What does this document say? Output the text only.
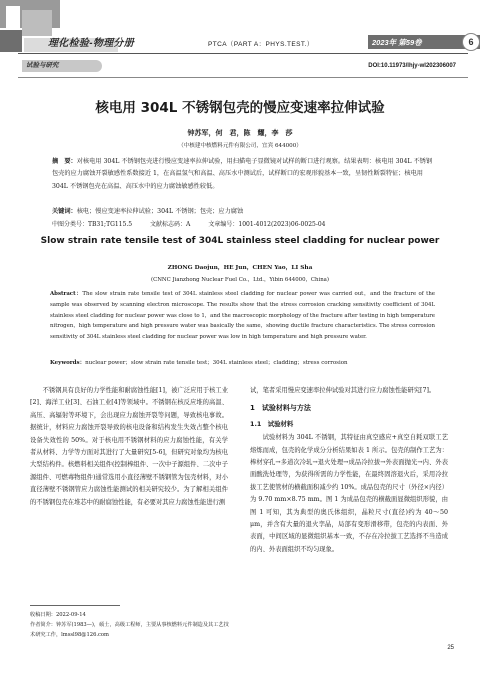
理化检验-物理分册	PTCA（PART A：PHYS.TEST.）	2023年 第59卷	6
试验与研究	DOI:10.11973/lhjy-wl202306007
核电用 304L 不锈钢包壳的慢应变速率拉伸试验
钟苏军，何　君，陈　耀，李　莎
（中核建中核燃料元件有限公司，宜宾 644000）
摘　要：对核电用 304L 不锈钢包壳进行慢应变速率拉伸试验，用扫描电子显微镜对试样的断口进行观察。结果表明：核电用 304L 不锈钢包壳的应力腐蚀开裂敏感性系数接近 1，在高温氢气和高温、高压水中测试后，试样断口的宏观形貌基本一致，呈韧性断裂特征；核电用 304L 不锈钢包壳在高温、高压水中的应力腐蚀敏感性较低。
关键词：核电；慢应变速率拉伸试验；304L 不锈钢；包壳；应力腐蚀
中图分类号：TB31;TG115.5　　　文献标志码：A　　　文章编号：1001-4012(2023)06-0025-04
Slow strain rate tensile test of 304L stainless steel cladding for nuclear power
ZHONG Daojun，HE Jun，CHEN Yao，LI Sha
(CNNC Jianzhong Nuclear Fuel Co.，Ltd.，Yibin 644000，China)
Abstract：The slow strain rate tensile test of 304L stainless steel cladding for nuclear power was carried out，and the fracture of the sample was observed by scanning electron microscope. The results show that the stress corrosion cracking sensitivity coefficient of 304L stainless steel cladding for nuclear power was close to 1，and the macroscopic morphology of the fracture after testing in high temperature nitrogen，high temperature and high pressure water was basically the same，showing ductile fracture characteristics. The stress corrosion sensitivity of 304L stainless steel cladding for nuclear power was low in high temperature and high pressure water.
Keywords：nuclear power；slow strain rate tensile test；304L stainless steel；cladding；stress corrosion
不锈钢具有良好的力学性能和耐腐蚀性能[1]，被广泛应用于核工业[2]、海洋工业[3]、石油工业[4]等领域中。不锈钢在核反应堆的高温、高压、高辐射等环境下，会出现应力腐蚀开裂等问题，导致核电事故。据统计，材料应力腐蚀开裂导致的核电设备和结构发生失效占整个核电设备失效性的 50%。对于核电用不锈钢材料的应力腐蚀性能，有关学者从材料、力学等方面对其进行了大量研究[5-6]，但研究对象均为核电大型结构件。核燃料相关组件(控制棒组件、一次中子源组件、二次中子源组件、可燃毒物组件)通常选用小直径薄壁不锈钢管为包壳材料，对小直径薄壁不锈钢管应力腐蚀性能测试的相关研究较少。为了解相关组件的不锈钢包壳在堆芯中的耐腐蚀性能，有必要对其应力腐蚀性能进行测
试，笔者采用慢应变速率拉伸试验对其进行应力腐蚀性能研究[7]。
1　试验材料与方法
1.1　试验材料
试验材料为 304L 不锈钢，其特征由真空感应+真空自耗双联工艺熔炼而成，包壳的化学成分分析结果如表 1 所示。包壳的制作工艺为：棒材穿孔→多道次冷轧→退火处理→成品冷拉拔→外表面抛光→内、外表面酸洗处理等，为获得所需的力学性能，在最终固溶退火后，采用冷拉拔工艺使管材的横截面积减少约 10%。成品包壳的尺寸（外径×内径）为 9.70 mm×8.75 mm。图 1 为成品包壳的横截面显微组织形貌，由图 1 可知，其为典型的奥氏体组织，晶粒尺寸(直径)约为 40～50 μm，并含有大量的退火孪晶，局部有变形滑移带，包壳的内表面、外表面，中间区域的显微组织基本一致，不存在冷拉拔工艺选择不当造成的内、外表面组织不均匀现象。
收稿日期：2022-09-14
作者简介：钟苏军(1983—)，硕士，高级工程师，主要从事核燃料元件制造及其工艺技术研究工作，lmssl98@126.com
25
